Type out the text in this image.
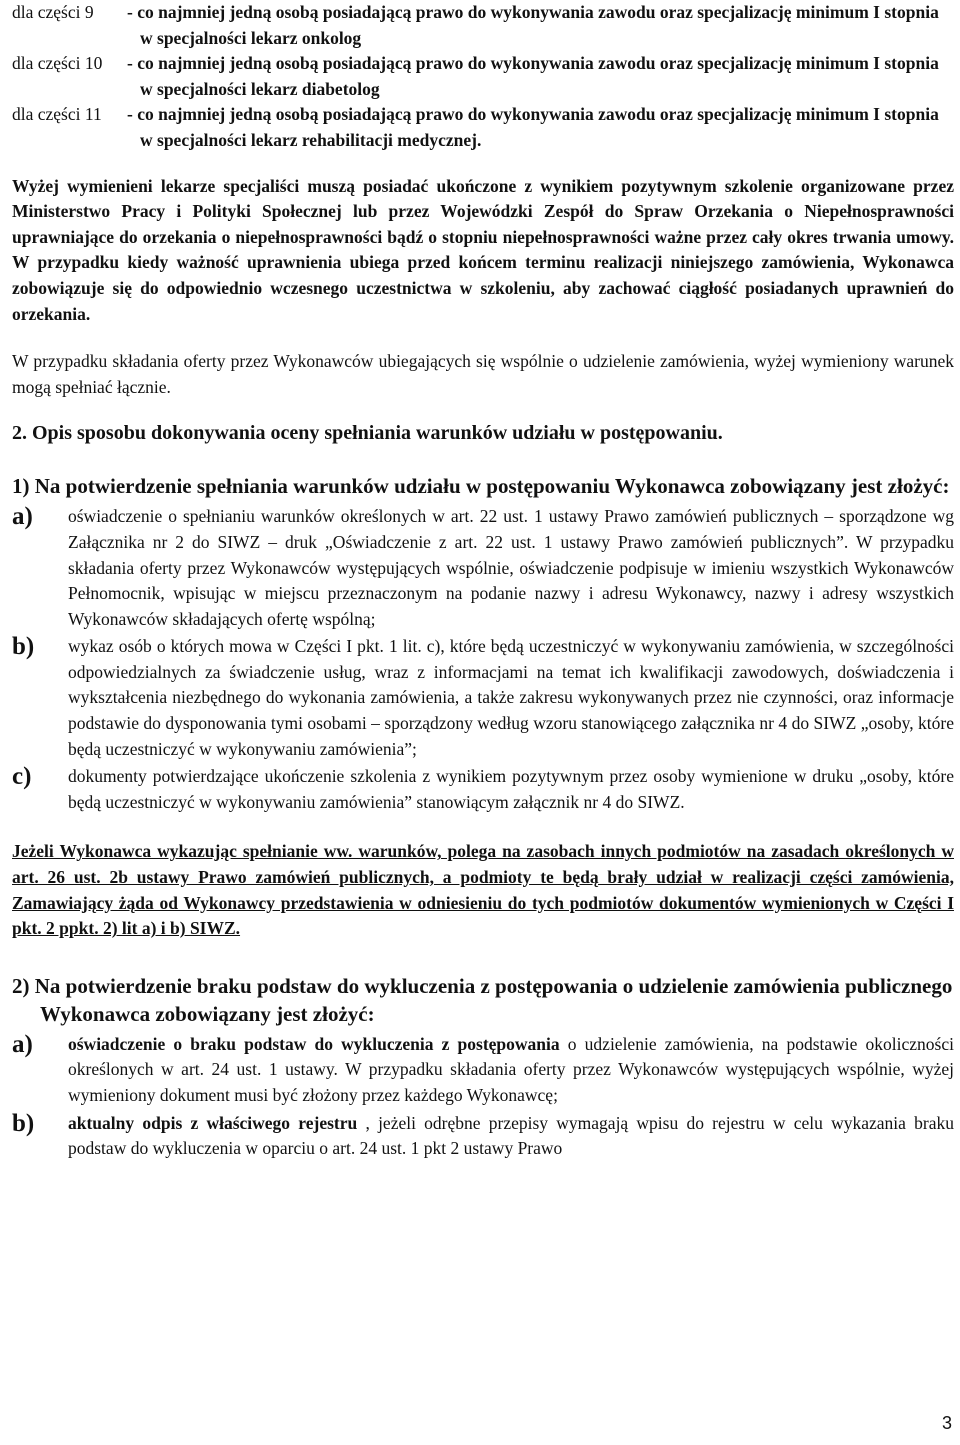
dla części 9	- co najmniej jedną osobą posiadającą prawo do wykonywania zawodu oraz specjalizację minimum I stopnia w specjalności lekarz onkolog
dla części 10	- co najmniej jedną osobą posiadającą prawo do wykonywania zawodu oraz specjalizację minimum I stopnia w specjalności lekarz diabetolog
dla części 11	- co najmniej jedną osobą posiadającą prawo do wykonywania zawodu oraz specjalizację minimum I stopnia w specjalności lekarz rehabilitacji medycznej.

Wyżej wymienieni lekarze specjaliści muszą posiadać ukończone z wynikiem pozytywnym szkolenie organizowane przez Ministerstwo Pracy i Polityki Społecznej lub przez Wojewódzki Zespół do Spraw Orzekania o Niepełnosprawności uprawniające do orzekania o niepełnosprawności bądź o stopniu niepełnosprawności ważne przez cały okres trwania umowy. W przypadku kiedy ważność uprawnienia ubiega przed końcem terminu realizacji niniejszego zamówienia, Wykonawca zobowiązuje się do odpowiednio wczesnego uczestnictwa w szkoleniu, aby zachować ciągłość posiadanych uprawnień do orzekania.

W przypadku składania oferty przez Wykonawców ubiegających się wspólnie o udzielenie zamówienia, wyżej wymieniony warunek mogą spełniać łącznie.

2. Opis sposobu dokonywania oceny spełniania warunków udziału w postępowaniu.
1) Na potwierdzenie spełniania warunków udziału w postępowaniu Wykonawca zobowiązany jest złożyć:
a)	oświadczenie o spełnianiu warunków określonych w art. 22 ust. 1 ustawy Prawo zamówień publicznych – sporządzone wg Załącznika nr 2 do SIWZ – druk „Oświadczenie z art. 22 ust. 1 ustawy Prawo zamówień publicznych”. W przypadku składania oferty przez Wykonawców występujących wspólnie, oświadczenie podpisuje w imieniu wszystkich Wykonawców Pełnomocnik, wpisując w miejscu przeznaczonym na podanie nazwy i adresu Wykonawcy, nazwy i adresy wszystkich Wykonawców składających ofertę wspólną;
b)	wykaz osób o których mowa w Części I pkt. 1 lit. c), które będą uczestniczyć w wykonywaniu zamówienia, w szczególności odpowiedzialnych za świadczenie usług, wraz z informacjami na temat ich kwalifikacji zawodowych, doświadczenia i wykształcenia niezbędnego do wykonania zamówienia, a także zakresu wykonywanych przez nie czynności, oraz informacje podstawie do dysponowania tymi osobami – sporządzony według wzoru stanowiącego załącznika nr 4 do SIWZ „osoby, które będą uczestniczyć w wykonywaniu zamówienia”;
c)	dokumenty potwierdzające ukończenie szkolenia z wynikiem pozytywnym przez osoby wymienione w druku „osoby, które będą uczestniczyć w wykonywaniu zamówienia” stanowiącym załącznik nr 4 do SIWZ.

Jeżeli Wykonawca wykazując spełnianie ww. warunków, polega na zasobach innych podmiotów na zasadach określonych w art. 26 ust. 2b ustawy Prawo zamówień publicznych, a podmioty te będą brały udział w realizacji części zamówienia, Zamawiający żąda od Wykonawcy przedstawienia w odniesieniu do tych podmiotów dokumentów wymienionych w Części I pkt. 2 ppkt. 2) lit a) i b) SIWZ.

2) Na potwierdzenie braku podstaw do wykluczenia z postępowania o udzielenie zamówienia publicznego Wykonawca zobowiązany jest złożyć:
a)	oświadczenie o braku podstaw do wykluczenia z postępowania o udzielenie zamówienia, na podstawie okoliczności określonych w art. 24 ust. 1 ustawy. W przypadku składania oferty przez Wykonawców występujących wspólnie, wyżej wymieniony dokument musi być złożony przez każdego Wykonawcę;
b)	aktualny odpis z właściwego rejestru , jeżeli odrębne przepisy wymagają wpisu do rejestru w celu wykazania braku podstaw do wykluczenia w oparciu o art. 24 ust. 1 pkt 2 ustawy Prawo
3
